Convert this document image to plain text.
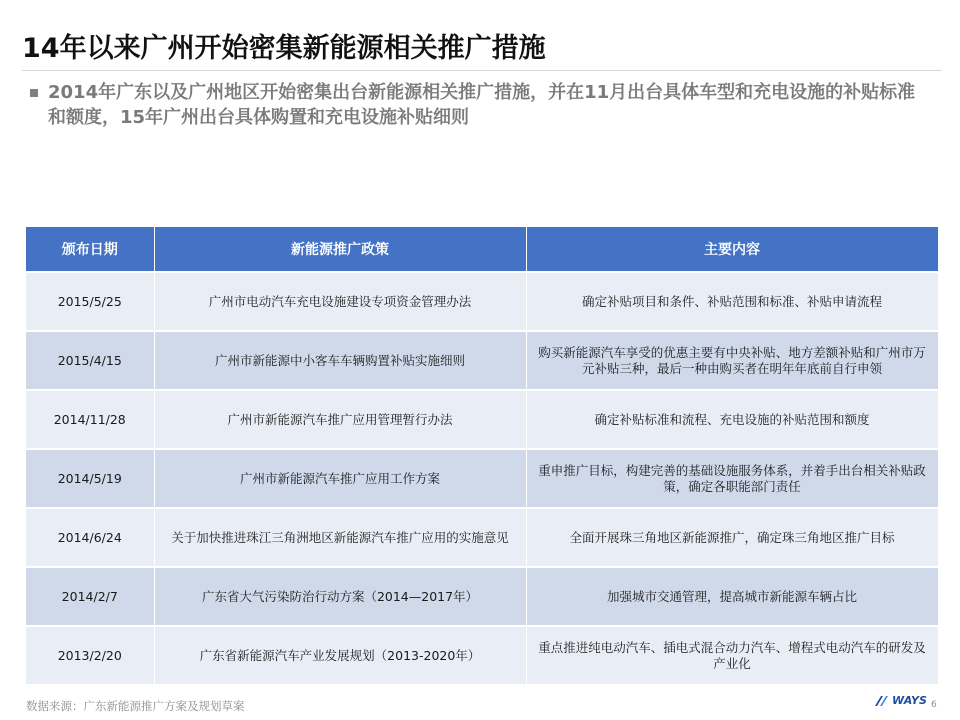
14年以来广州开始密集新能源相关推广措施
2014年广东以及广州地区开始密集出台新能源相关推广措施，并在11月出台具体车型和充电设施的补贴标准和额度，15年广州出台具体购置和充电设施补贴细则
颁布日期	新能源推广政策	主要内容
2015/5/25	广州市电动汽车充电设施建设专项资金管理办法	确定补贴项目和条件、补贴范围和标准、补贴申请流程
2015/4/15	广州市新能源中小客车车辆购置补贴实施细则	购买新能源汽车享受的优惠主要有中央补贴、地方差额补贴和广州市万元补贴三种，最后一种由购买者在明年年底前自行申领
2014/11/28	广州市新能源汽车推广应用管理暂行办法	确定补贴标准和流程、充电设施的补贴范围和额度
2014/5/19	广州市新能源汽车推广应用工作方案	重申推广目标，构建完善的基础设施服务体系，并着手出台相关补贴政策，确定各职能部门责任
2014/6/24	关于加快推进珠江三角洲地区新能源汽车推广应用的实施意见	全面开展珠三角地区新能源推广，确定珠三角地区推广目标
2014/2/7	广东省大气污染防治行动方案（2014—2017年）	加强城市交通管理，提高城市新能源车辆占比
2013/2/20	广东省新能源汽车产业发展规划（2013-2020年）	重点推进纯电动汽车、插电式混合动力汽车、增程式电动汽车的研发及产业化
数据来源：广东新能源推广方案及规划草案	WAYS 6
